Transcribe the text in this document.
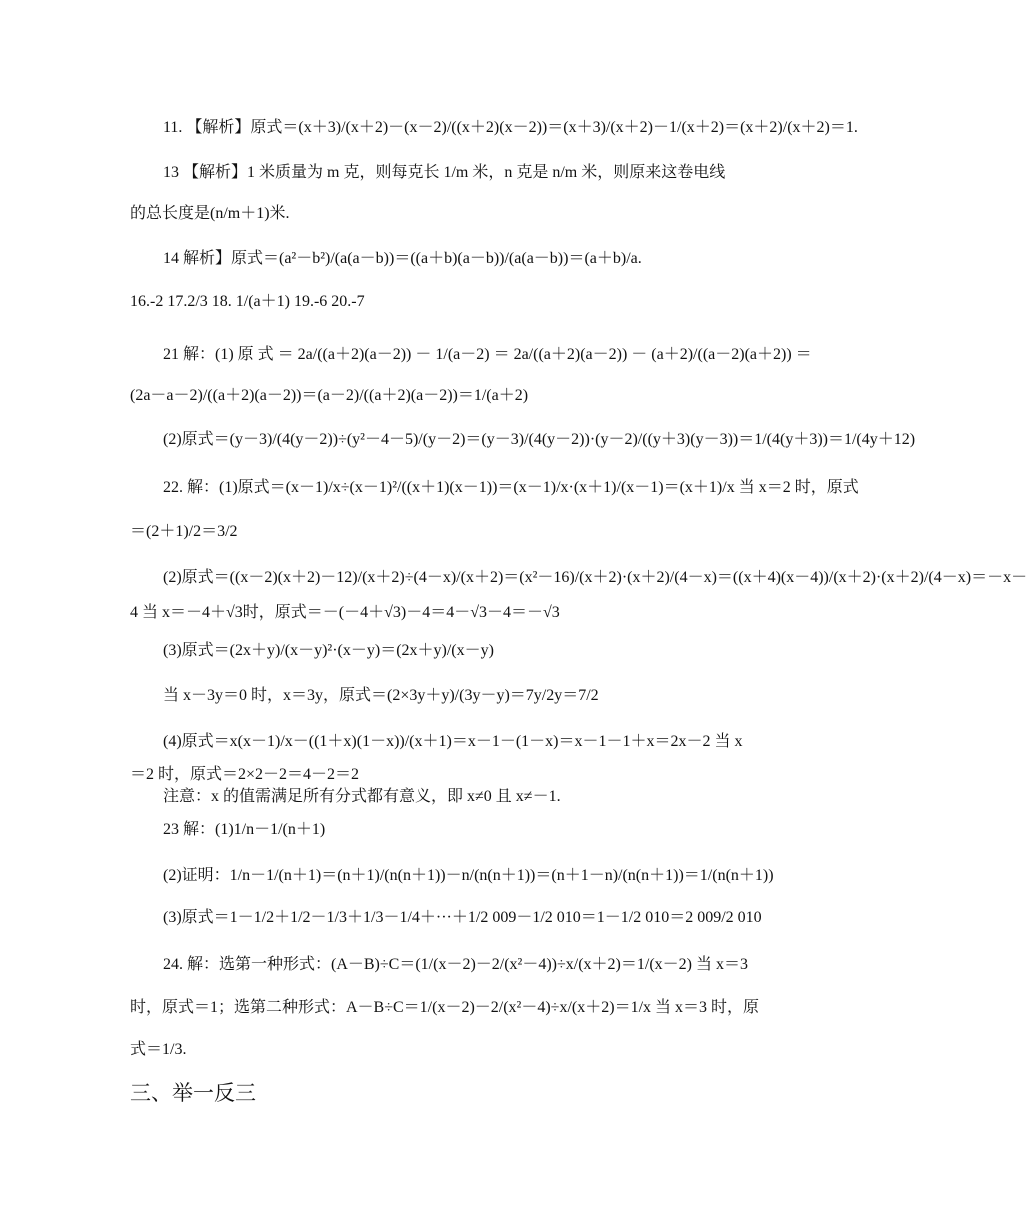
11. 【解析】原式＝(x＋3)/(x＋2)－(x－2)/((x＋2)(x－2))＝(x＋3)/(x＋2)－1/(x＋2)＝(x＋2)/(x＋2)＝1.
13 【解析】1 米质量为 m 克，则每克长 1/m 米，n 克是 n/m 米，则原来这卷电线
的总长度是(n/m＋1)米.
14 解析】原式＝(a²－b²)/(a(a－b))＝((a＋b)(a－b))/(a(a－b))＝(a＋b)/a.
16.-2 17.2/3 18. 1/(a＋1) 19.-6 20.-7
21 解：(1) 原 式 ＝ 2a/((a＋2)(a－2)) － 1/(a－2) ＝ 2a/((a＋2)(a－2)) － (a＋2)/((a－2)(a＋2)) ＝
(2a－a－2)/((a＋2)(a－2))＝(a－2)/((a＋2)(a－2))＝1/(a＋2)
(2)原式＝(y－3)/(4(y－2))÷(y²－4－5)/(y－2)＝(y－3)/(4(y－2))·(y－2)/((y＋3)(y－3))＝1/(4(y＋3))＝1/(4y＋12)
22. 解：(1)原式＝(x－1)/x÷(x－1)²/((x＋1)(x－1))＝(x－1)/x·(x＋1)/(x－1)＝(x＋1)/x 当 x＝2 时，原式
＝(2＋1)/2＝3/2
(2)原式＝((x－2)(x＋2)－12)/(x＋2)÷(4－x)/(x＋2)＝(x²－16)/(x＋2)·(x＋2)/(4－x)＝((x＋4)(x－4))/(x＋2)·(x＋2)/(4－x)＝－x－
4 当 x＝－4＋√3时，原式＝－(－4＋√3)－4＝4－√3－4＝－√3
(3)原式＝(2x＋y)/(x－y)²·(x－y)＝(2x＋y)/(x－y)
当 x－3y＝0 时，x＝3y，原式＝(2×3y＋y)/(3y－y)＝7y/2y＝7/2
(4)原式＝x(x－1)/x－((1＋x)(1－x))/(x＋1)＝x－1－(1－x)＝x－1－1＋x＝2x－2 当 x
＝2 时，原式＝2×2－2＝4－2＝2
注意：x 的值需满足所有分式都有意义，即 x≠0 且 x≠－1.
23 解：(1)1/n－1/(n＋1)
(2)证明：1/n－1/(n＋1)＝(n＋1)/(n(n＋1))－n/(n(n＋1))＝(n＋1－n)/(n(n＋1))＝1/(n(n＋1))
(3)原式＝1－1/2＋1/2－1/3＋1/3－1/4＋···＋1/2 009－1/2 010＝1－1/2 010＝2 009/2 010
24. 解：选第一种形式：(A－B)÷C＝(1/(x－2)－2/(x²－4))÷x/(x＋2)＝1/(x－2) 当 x＝3
时，原式＝1；选第二种形式：A－B÷C＝1/(x－2)－2/(x²－4)÷x/(x＋2)＝1/x 当 x＝3 时，原
式＝1/3.
三、举一反三
